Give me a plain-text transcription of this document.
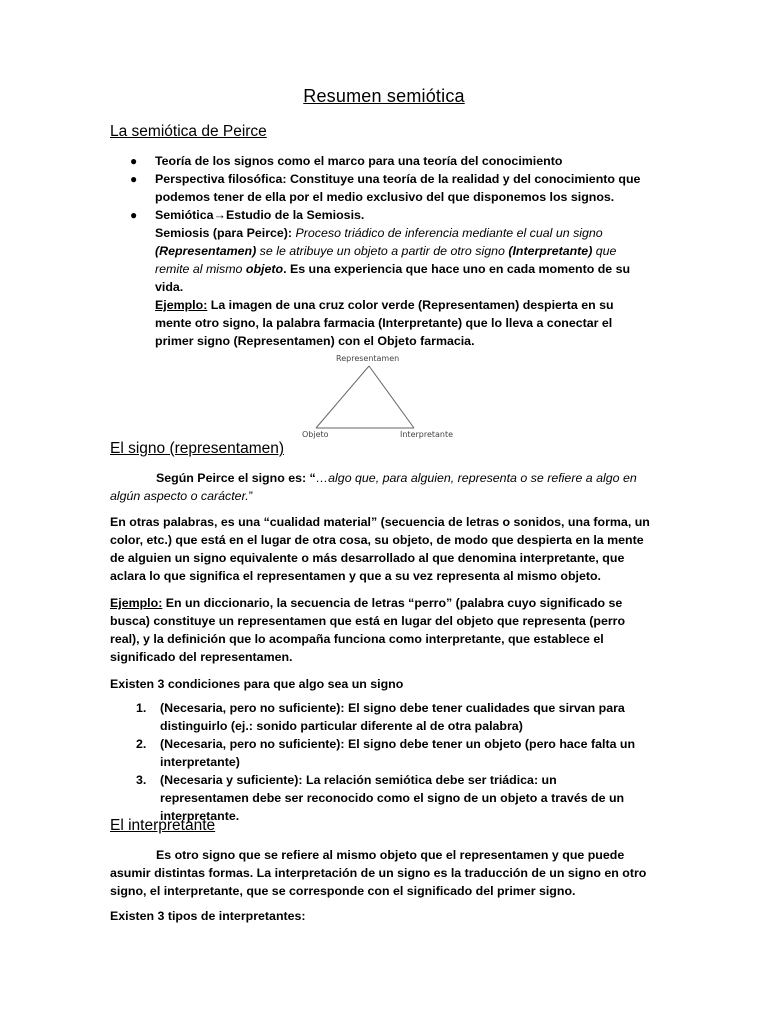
Resumen semiótica
La semiótica de Peirce
● Teoría de los signos como el marco para una teoría del conocimiento
● Perspectiva filosófica: Constituye una teoría de la realidad y del conocimiento que podemos tener de ella por el medio exclusivo del que disponemos los signos.
● Semiótica→Estudio de la Semiosis.
Semiosis (para Peirce): Proceso triádico de inferencia mediante el cual un signo (Representamen) se le atribuye un objeto a partir de otro signo (Interpretante) que remite al mismo objeto. Es una experiencia que hace uno en cada momento de su vida.
Ejemplo: La imagen de una cruz color verde (Representamen) despierta en su mente otro signo, la palabra farmacia (Interpretante) que lo lleva a conectar el primer signo (Representamen) con el Objeto farmacia.
Representamen
Objeto	Interpretante
El signo (representamen)
Según Peirce el signo es: “…algo que, para alguien, representa o se refiere a algo en algún aspecto o carácter.”
En otras palabras, es una “cualidad material” (secuencia de letras o sonidos, una forma, un color, etc.) que está en el lugar de otra cosa, su objeto, de modo que despierta en la mente de alguien un signo equivalente o más desarrollado al que denomina interpretante, que aclara lo que significa el representamen y que a su vez representa al mismo objeto.
Ejemplo: En un diccionario, la secuencia de letras “perro” (palabra cuyo significado se busca) constituye un representamen que está en lugar del objeto que representa (perro real), y la definición que lo acompaña funciona como interpretante, que establece el significado del representamen.
Existen 3 condiciones para que algo sea un signo
1. (Necesaria, pero no suficiente): El signo debe tener cualidades que sirvan para distinguirlo (ej.: sonido particular diferente al de otra palabra)
2. (Necesaria, pero no suficiente): El signo debe tener un objeto (pero hace falta un interpretante)
3. (Necesaria y suficiente): La relación semiótica debe ser triádica: un representamen debe ser reconocido como el signo de un objeto a través de un interpretante.
El interpretante
Es otro signo que se refiere al mismo objeto que el representamen y que puede asumir distintas formas. La interpretación de un signo es la traducción de un signo en otro signo, el interpretante, que se corresponde con el significado del primer signo.
Existen 3 tipos de interpretantes:
